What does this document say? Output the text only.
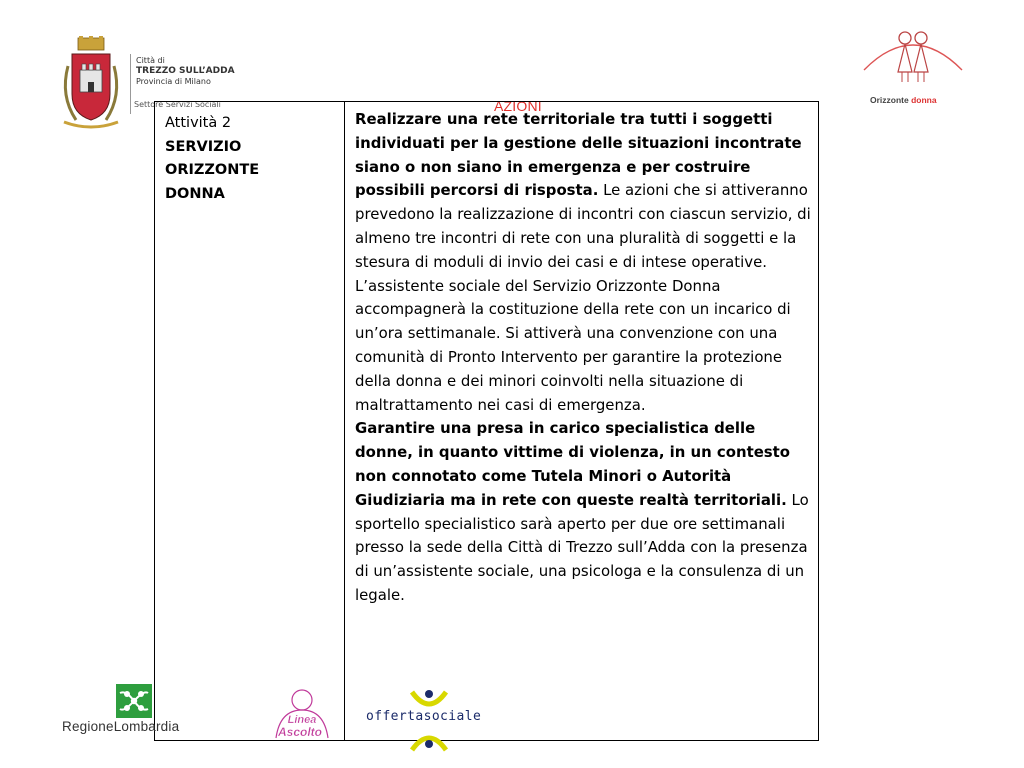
Città di
TREZZO SULL’ADDA
Provincia di Milano
Settore Servizi Sociali	Orizzonte donna
AZIONI
Attività 2
SERVIZIO
ORIZZONTE
DONNA

Realizzare una rete territoriale tra tutti i soggetti individuati per la gestione delle situazioni incontrate siano o non siano in emergenza e per costruire possibili percorsi di risposta. Le azioni che si attiveranno prevedono la realizzazione di incontri con ciascun servizio, di almeno tre incontri di rete con una pluralità di soggetti e la stesura di moduli di invio dei casi e di intese operative. L’assistente sociale del Servizio Orizzonte Donna accompagnerà la costituzione della rete con un incarico di un’ora settimanale. Si attiverà una convenzione con una comunità di Pronto Intervento per garantire la protezione della donna e dei minori coinvolti nella situazione di maltrattamento nei casi di emergenza.

Garantire una presa in carico specialistica delle donne, in quanto vittime di violenza, in un contesto non connotato come Tutela Minori o Autorità Giudiziaria ma in rete con queste realtà territoriali. Lo sportello specialistico sarà aperto per due ore settimanali presso la sede della Città di Trezzo sull’Adda con la presenza di un’assistente sociale, una psicologa e la consulenza di un legale.

RegioneLombardia	Linea
Ascolto
offertasociale
